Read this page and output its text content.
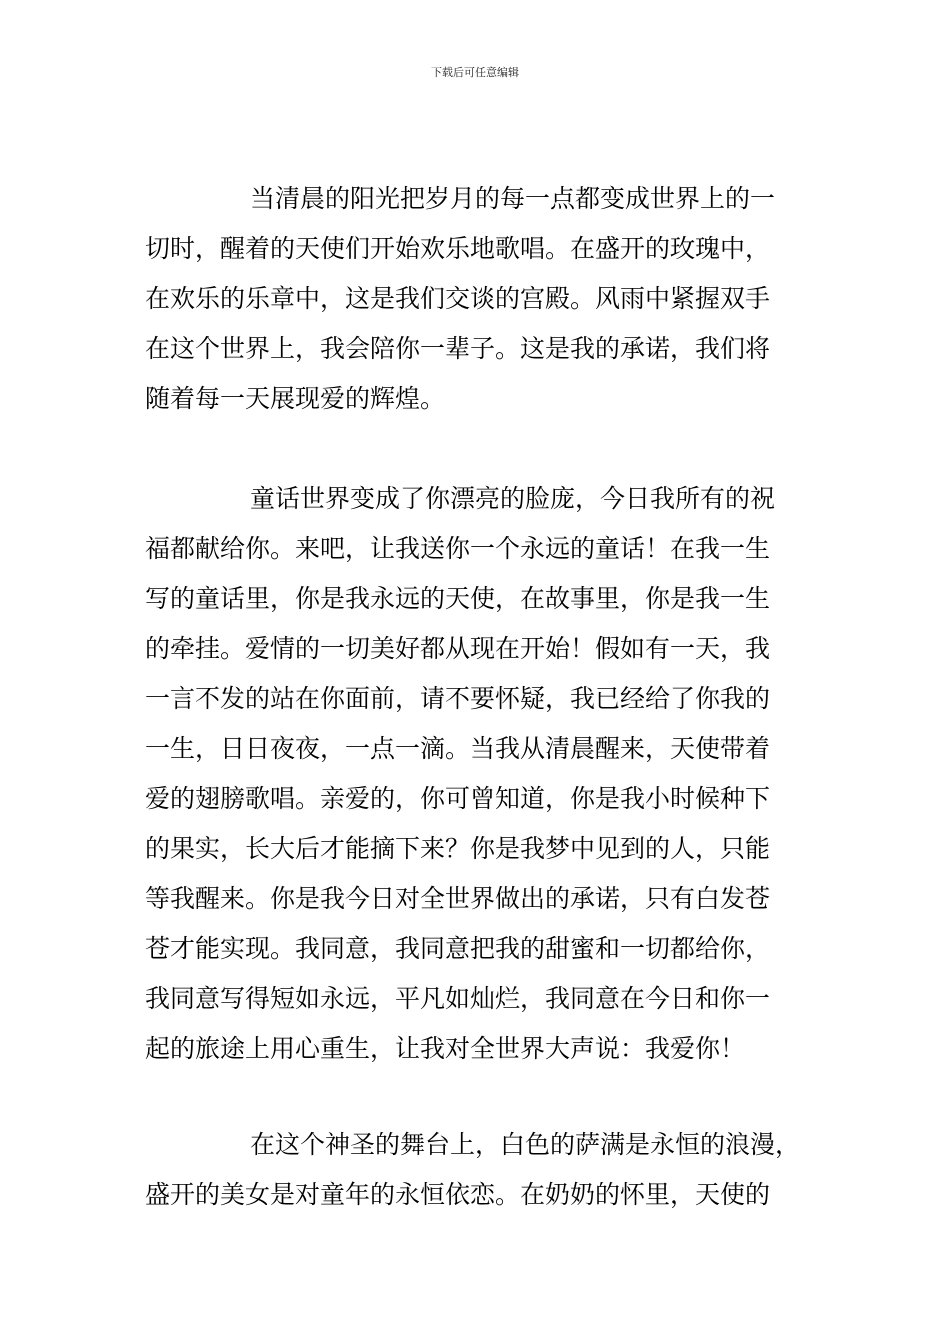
下载后可任意编辑
当清晨的阳光把岁月的每一点都变成世界上的一
切时，醒着的天使们开始欢乐地歌唱。在盛开的玫瑰中，
在欢乐的乐章中，这是我们交谈的宫殿。风雨中紧握双手
在这个世界上，我会陪你一辈子。这是我的承诺，我们将
随着每一天展现爱的辉煌。
童话世界变成了你漂亮的脸庞，今日我所有的祝
福都献给你。来吧，让我送你一个永远的童话！在我一生
写的童话里，你是我永远的天使，在故事里，你是我一生
的牵挂。爱情的一切美好都从现在开始！假如有一天，我
一言不发的站在你面前，请不要怀疑，我已经给了你我的
一生，日日夜夜，一点一滴。当我从清晨醒来，天使带着
爱的翅膀歌唱。亲爱的，你可曾知道，你是我小时候种下
的果实，长大后才能摘下来？你是我梦中见到的人，只能
等我醒来。你是我今日对全世界做出的承诺，只有白发苍
苍才能实现。我同意，我同意把我的甜蜜和一切都给你，
我同意写得短如永远，平凡如灿烂，我同意在今日和你一
起的旅途上用心重生，让我对全世界大声说：我爱你！
在这个神圣的舞台上，白色的萨满是永恒的浪漫，
盛开的美女是对童年的永恒依恋。在奶奶的怀里，天使的
